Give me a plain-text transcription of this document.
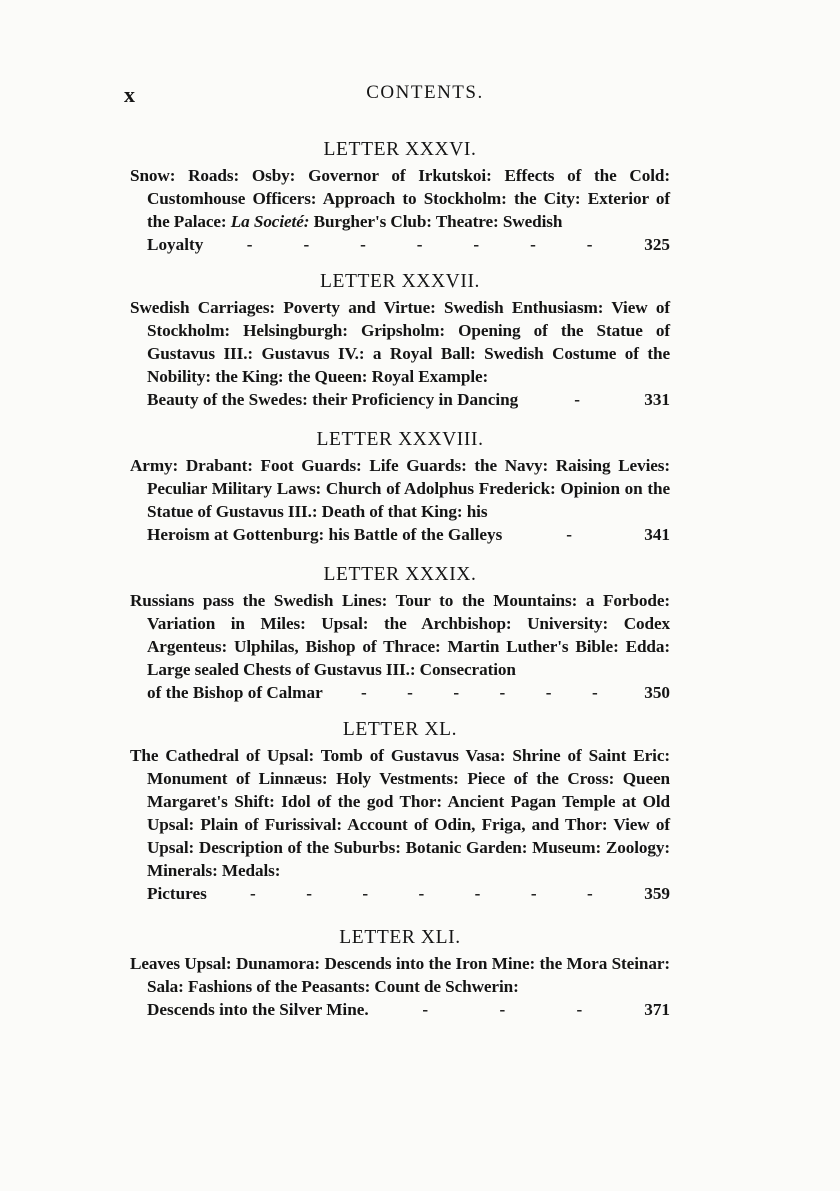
x	CONTENTS.
LETTER XXXVI.

Snow: Roads: Osby: Governor of Irkutskoi: Effects of the Cold: Customhouse Officers: Approach to Stockholm: the City: Exterior of the Palace: La Societé: Burgher's Club: Theatre: Swedish

Loyalty	-	-	-	-	-	-	-	325
LETTER XXXVII.

Swedish Carriages: Poverty and Virtue: Swedish Enthusiasm: View of Stockholm: Helsingburgh: Gripsholm: Opening of the Statue of Gustavus III.: Gustavus IV.: a Royal Ball: Swedish Costume of the Nobility: the King: the Queen: Royal Example:

Beauty of the Swedes: their Proficiency in Dancing	-	331
LETTER XXXVIII.

Army: Drabant: Foot Guards: Life Guards: the Navy: Raising Levies: Peculiar Military Laws: Church of Adolphus Frederick: Opinion on the Statue of Gustavus III.: Death of that King: his

Heroism at Gottenburg: his Battle of the Galleys	-	341
LETTER XXXIX.

Russians pass the Swedish Lines: Tour to the Mountains: a Forbode: Variation in Miles: Upsal: the Archbishop: University: Codex Argenteus: Ulphilas, Bishop of Thrace: Martin Luther's Bible: Edda: Large sealed Chests of Gustavus III.: Consecration

of the Bishop of Calmar - - - - - -	350
LETTER XL.

The Cathedral of Upsal: Tomb of Gustavus Vasa: Shrine of Saint Eric: Monument of Linnæus: Holy Vestments: Piece of the Cross: Queen Margaret's Shift: Idol of the god Thor: Ancient Pagan Temple at Old Upsal: Plain of Furissival: Account of Odin, Friga, and Thor: View of Upsal: Description of the Suburbs: Botanic Garden: Museum: Zoology: Minerals: Medals:

Pictures	-	-	-	-	-	-	-	359
LETTER XLI.

Leaves Upsal: Dunamora: Descends into the Iron Mine: the Mora Steinar: Sala: Fashions of the Peasants: Count de Schwerin:

Descends into the Silver Mine.	-	-	-	371
